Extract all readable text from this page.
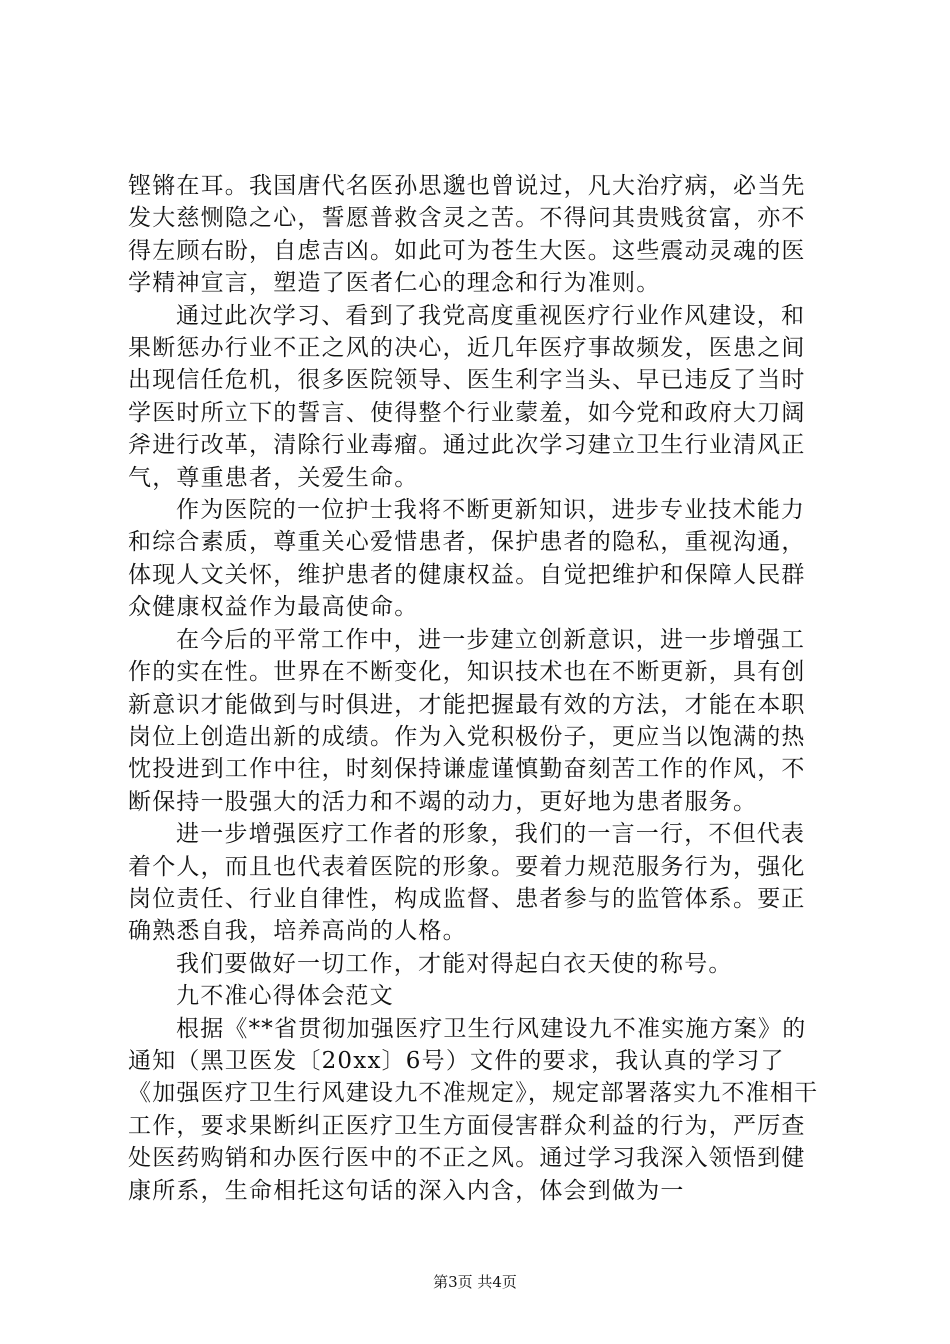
铿锵在耳。我国唐代名医孙思邈也曾说过，凡大治疗病，必当先发大慈恻隐之心，誓愿普救含灵之苦。不得问其贵贱贫富，亦不得左顾右盼，自虑吉凶。如此可为苍生大医。这些震动灵魂的医学精神宣言，塑造了医者仁心的理念和行为准则。

通过此次学习、看到了我党高度重视医疗行业作风建设，和果断惩办行业不正之风的决心，近几年医疗事故频发，医患之间出现信任危机，很多医院领导、医生利字当头、早已违反了当时学医时所立下的誓言、使得整个行业蒙羞，如今党和政府大刀阔斧进行改革，清除行业毒瘤。通过此次学习建立卫生行业清风正气，尊重患者，关爱生命。

作为医院的一位护士我将不断更新知识，进步专业技术能力和综合素质，尊重关心爱惜患者，保护患者的隐私，重视沟通，体现人文关怀，维护患者的健康权益。自觉把维护和保障人民群众健康权益作为最高使命。

在今后的平常工作中，进一步建立创新意识，进一步增强工作的实在性。世界在不断变化，知识技术也在不断更新，具有创新意识才能做到与时俱进，才能把握最有效的方法，才能在本职岗位上创造出新的成绩。作为入党积极份子，更应当以饱满的热忱投进到工作中往，时刻保持谦虚谨慎勤奋刻苦工作的作风，不断保持一股强大的活力和不竭的动力，更好地为患者服务。

进一步增强医疗工作者的形象，我们的一言一行，不但代表着个人，而且也代表着医院的形象。要着力规范服务行为，强化岗位责任、行业自律性，构成监督、患者参与的监管体系。要正确熟悉自我，培养高尚的人格。

我们要做好一切工作，才能对得起白衣天使的称号。

九不准心得体会范文

根据《**省贯彻加强医疗卫生行风建设九不准实施方案》的通知（黑卫医发〔20xx〕6号）文件的要求，我认真的学习了《加强医疗卫生行风建设九不准规定》，规定部署落实九不准相干工作，要求果断纠正医疗卫生方面侵害群众利益的行为，严厉查处医药购销和办医行医中的不正之风。通过学习我深入领悟到健康所系，生命相托这句话的深入内含，体会到做为一

第3页 共4页
